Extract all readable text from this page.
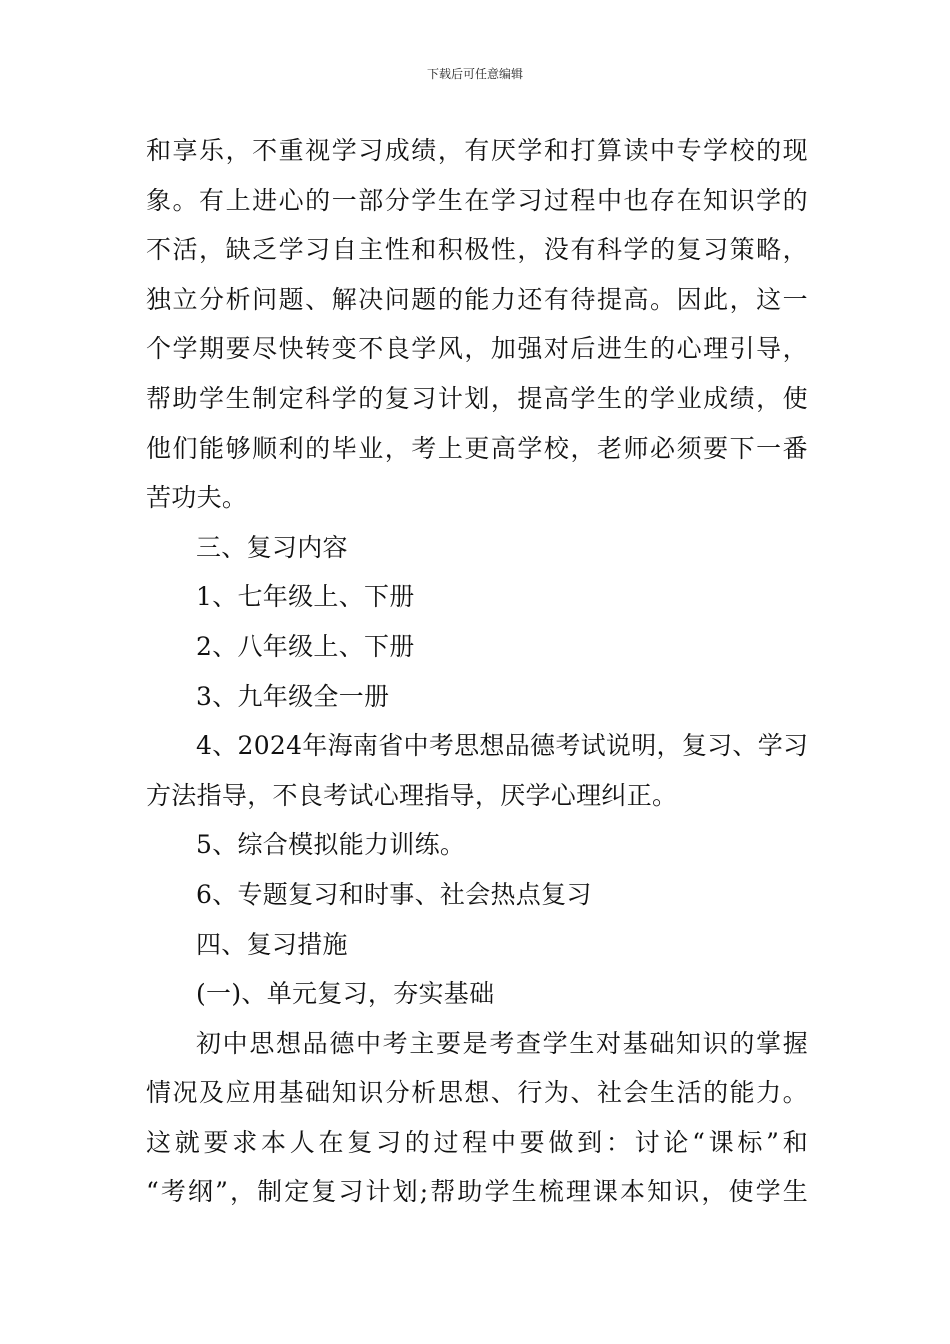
下载后可任意编辑
和享乐，不重视学习成绩，有厌学和打算读中专学校的现
象。有上进心的一部分学生在学习过程中也存在知识学的
不活，缺乏学习自主性和积极性，没有科学的复习策略，
独立分析问题、解决问题的能力还有待提高。因此，这一
个学期要尽快转变不良学风，加强对后进生的心理引导，
帮助学生制定科学的复习计划，提高学生的学业成绩，使
他们能够顺利的毕业，考上更高学校，老师必须要下一番
苦功夫。
三、复习内容
1、七年级上、下册
2、八年级上、下册
3、九年级全一册
4、2024年海南省中考思想品德考试说明，复习、学习
方法指导，不良考试心理指导，厌学心理纠正。
5、综合模拟能力训练。
6、专题复习和时事、社会热点复习
四、复习措施
(一)、单元复习，夯实基础
初中思想品德中考主要是考查学生对基础知识的掌握
情况及应用基础知识分析思想、行为、社会生活的能力。
这就要求本人在复习的过程中要做到：讨论“课标”和
“考纲”，制定复习计划;帮助学生梳理课本知识，使学生
